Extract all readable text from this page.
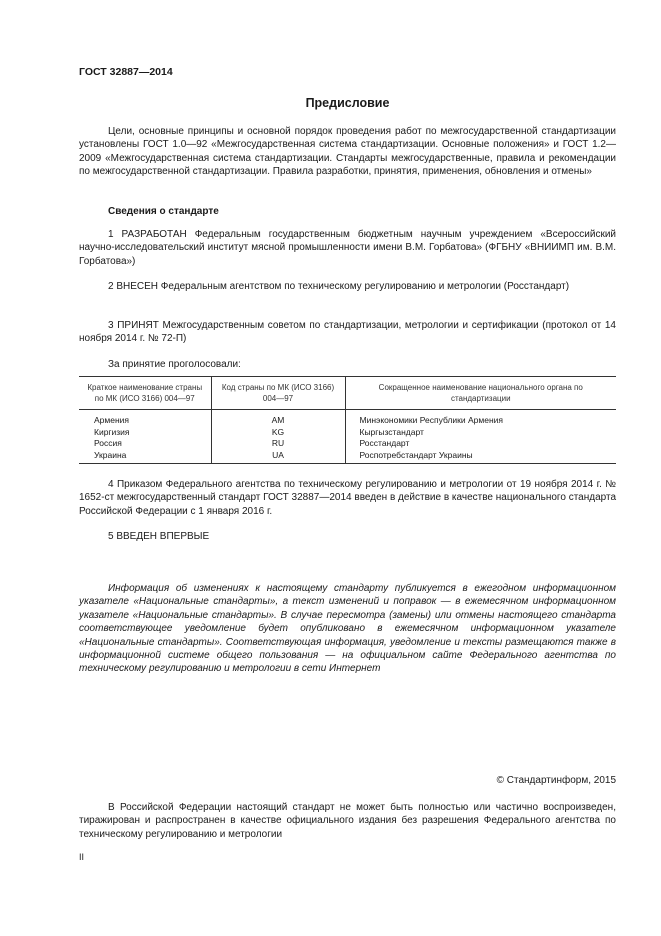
ГОСТ 32887—2014
Предисловие

Цели, основные принципы и основной порядок проведения работ по межгосударственной стандартизации установлены ГОСТ 1.0—92 «Межгосударственная система стандартизации. Основные положения» и ГОСТ 1.2—2009 «Межгосударственная система стандартизации. Стандарты межгосударственные, правила и рекомендации по межгосударственной стандартизации. Правила разработки, принятия, применения, обновления и отмены»

Сведения о стандарте

1 РАЗРАБОТАН Федеральным государственным бюджетным научным учреждением «Всероссийский научно-исследовательский институт мясной промышленности имени В.М. Горбатова» (ФГБНУ «ВНИИМП им. В.М. Горбатова»)

2 ВНЕСЕН Федеральным агентством по техническому регулированию и метрологии (Росстандарт)

3 ПРИНЯТ Межгосударственным советом по стандартизации, метрологии и сертификации (протокол от 14 ноября 2014 г. № 72-П)

За принятие проголосовали:

Краткое наименование страны по МК (ИСО 3166) 004—97	Код страны по МК (ИСО 3166) 004—97	Сокращенное наименование национального органа по стандартизации
Армения	AM	Минэкономики Республики Армения
Киргизия	KG	Кыргызстандарт
Россия	RU	Росстандарт
Украина	UA	Роспотребстандарт Украины

4 Приказом Федерального агентства по техническому регулированию и метрологии от 19 ноября 2014 г. № 1652-ст межгосударственный стандарт ГОСТ 32887—2014 введен в действие в качестве национального стандарта Российской Федерации с 1 января 2016 г.

5 ВВЕДЕН ВПЕРВЫЕ

Информация об изменениях к настоящему стандарту публикуется в ежегодном информационном указателе «Национальные стандарты», а текст изменений и поправок — в ежемесячном информационном указателе «Национальные стандарты». В случае пересмотра (замены) или отмены настоящего стандарта соответствующее уведомление будет опубликовано в ежемесячном информационном указателе «Национальные стандарты». Соответствующая информация, уведомление и тексты размещаются также в информационной системе общего пользования — на официальном сайте Федерального агентства по техническому регулированию и метрологии в сети Интернет

© Стандартинформ, 2015

В Российской Федерации настоящий стандарт не может быть полностью или частично воспроизведен, тиражирован и распространен в качестве официального издания без разрешения Федерального агентства по техническому регулированию и метрологии

II
